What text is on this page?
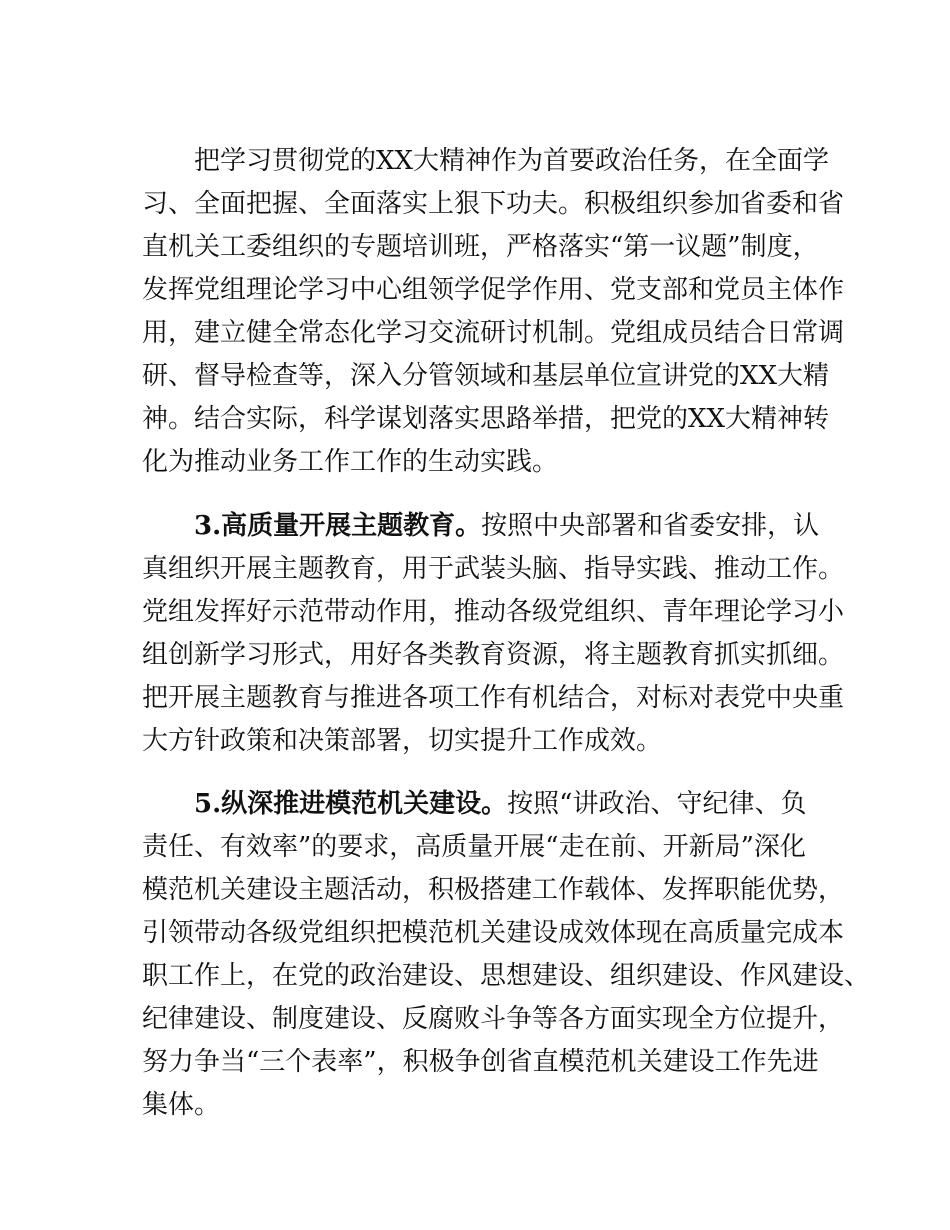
把学习贯彻党的XX大精神作为首要政治任务，在全面学

习、全面把握、全面落实上狠下功夫。积极组织参加省委和省

直机关工委组织的专题培训班，严格落实“第一议题”制度，

发挥党组理论学习中心组领学促学作用、党支部和党员主体作

用，建立健全常态化学习交流研讨机制。党组成员结合日常调

研、督导检查等，深入分管领域和基层单位宣讲党的XX大精

神。结合实际，科学谋划落实思路举措，把党的XX大精神转

化为推动业务工作工作的生动实践。

3.高质量开展主题教育。按照中央部署和省委安排，认

真组织开展主题教育，用于武装头脑、指导实践、推动工作。

党组发挥好示范带动作用，推动各级党组织、青年理论学习小

组创新学习形式，用好各类教育资源，将主题教育抓实抓细。

把开展主题教育与推进各项工作有机结合，对标对表党中央重

大方针政策和决策部署，切实提升工作成效。

5.纵深推进模范机关建设。按照“讲政治、守纪律、负

责任、有效率”的要求，高质量开展“走在前、开新局”深化

模范机关建设主题活动，积极搭建工作载体、发挥职能优势，

引领带动各级党组织把模范机关建设成效体现在高质量完成本

职工作上，在党的政治建设、思想建设、组织建设、作风建设、

纪律建设、制度建设、反腐败斗争等各方面实现全方位提升，

努力争当“三个表率”，积极争创省直模范机关建设工作先进

集体。
